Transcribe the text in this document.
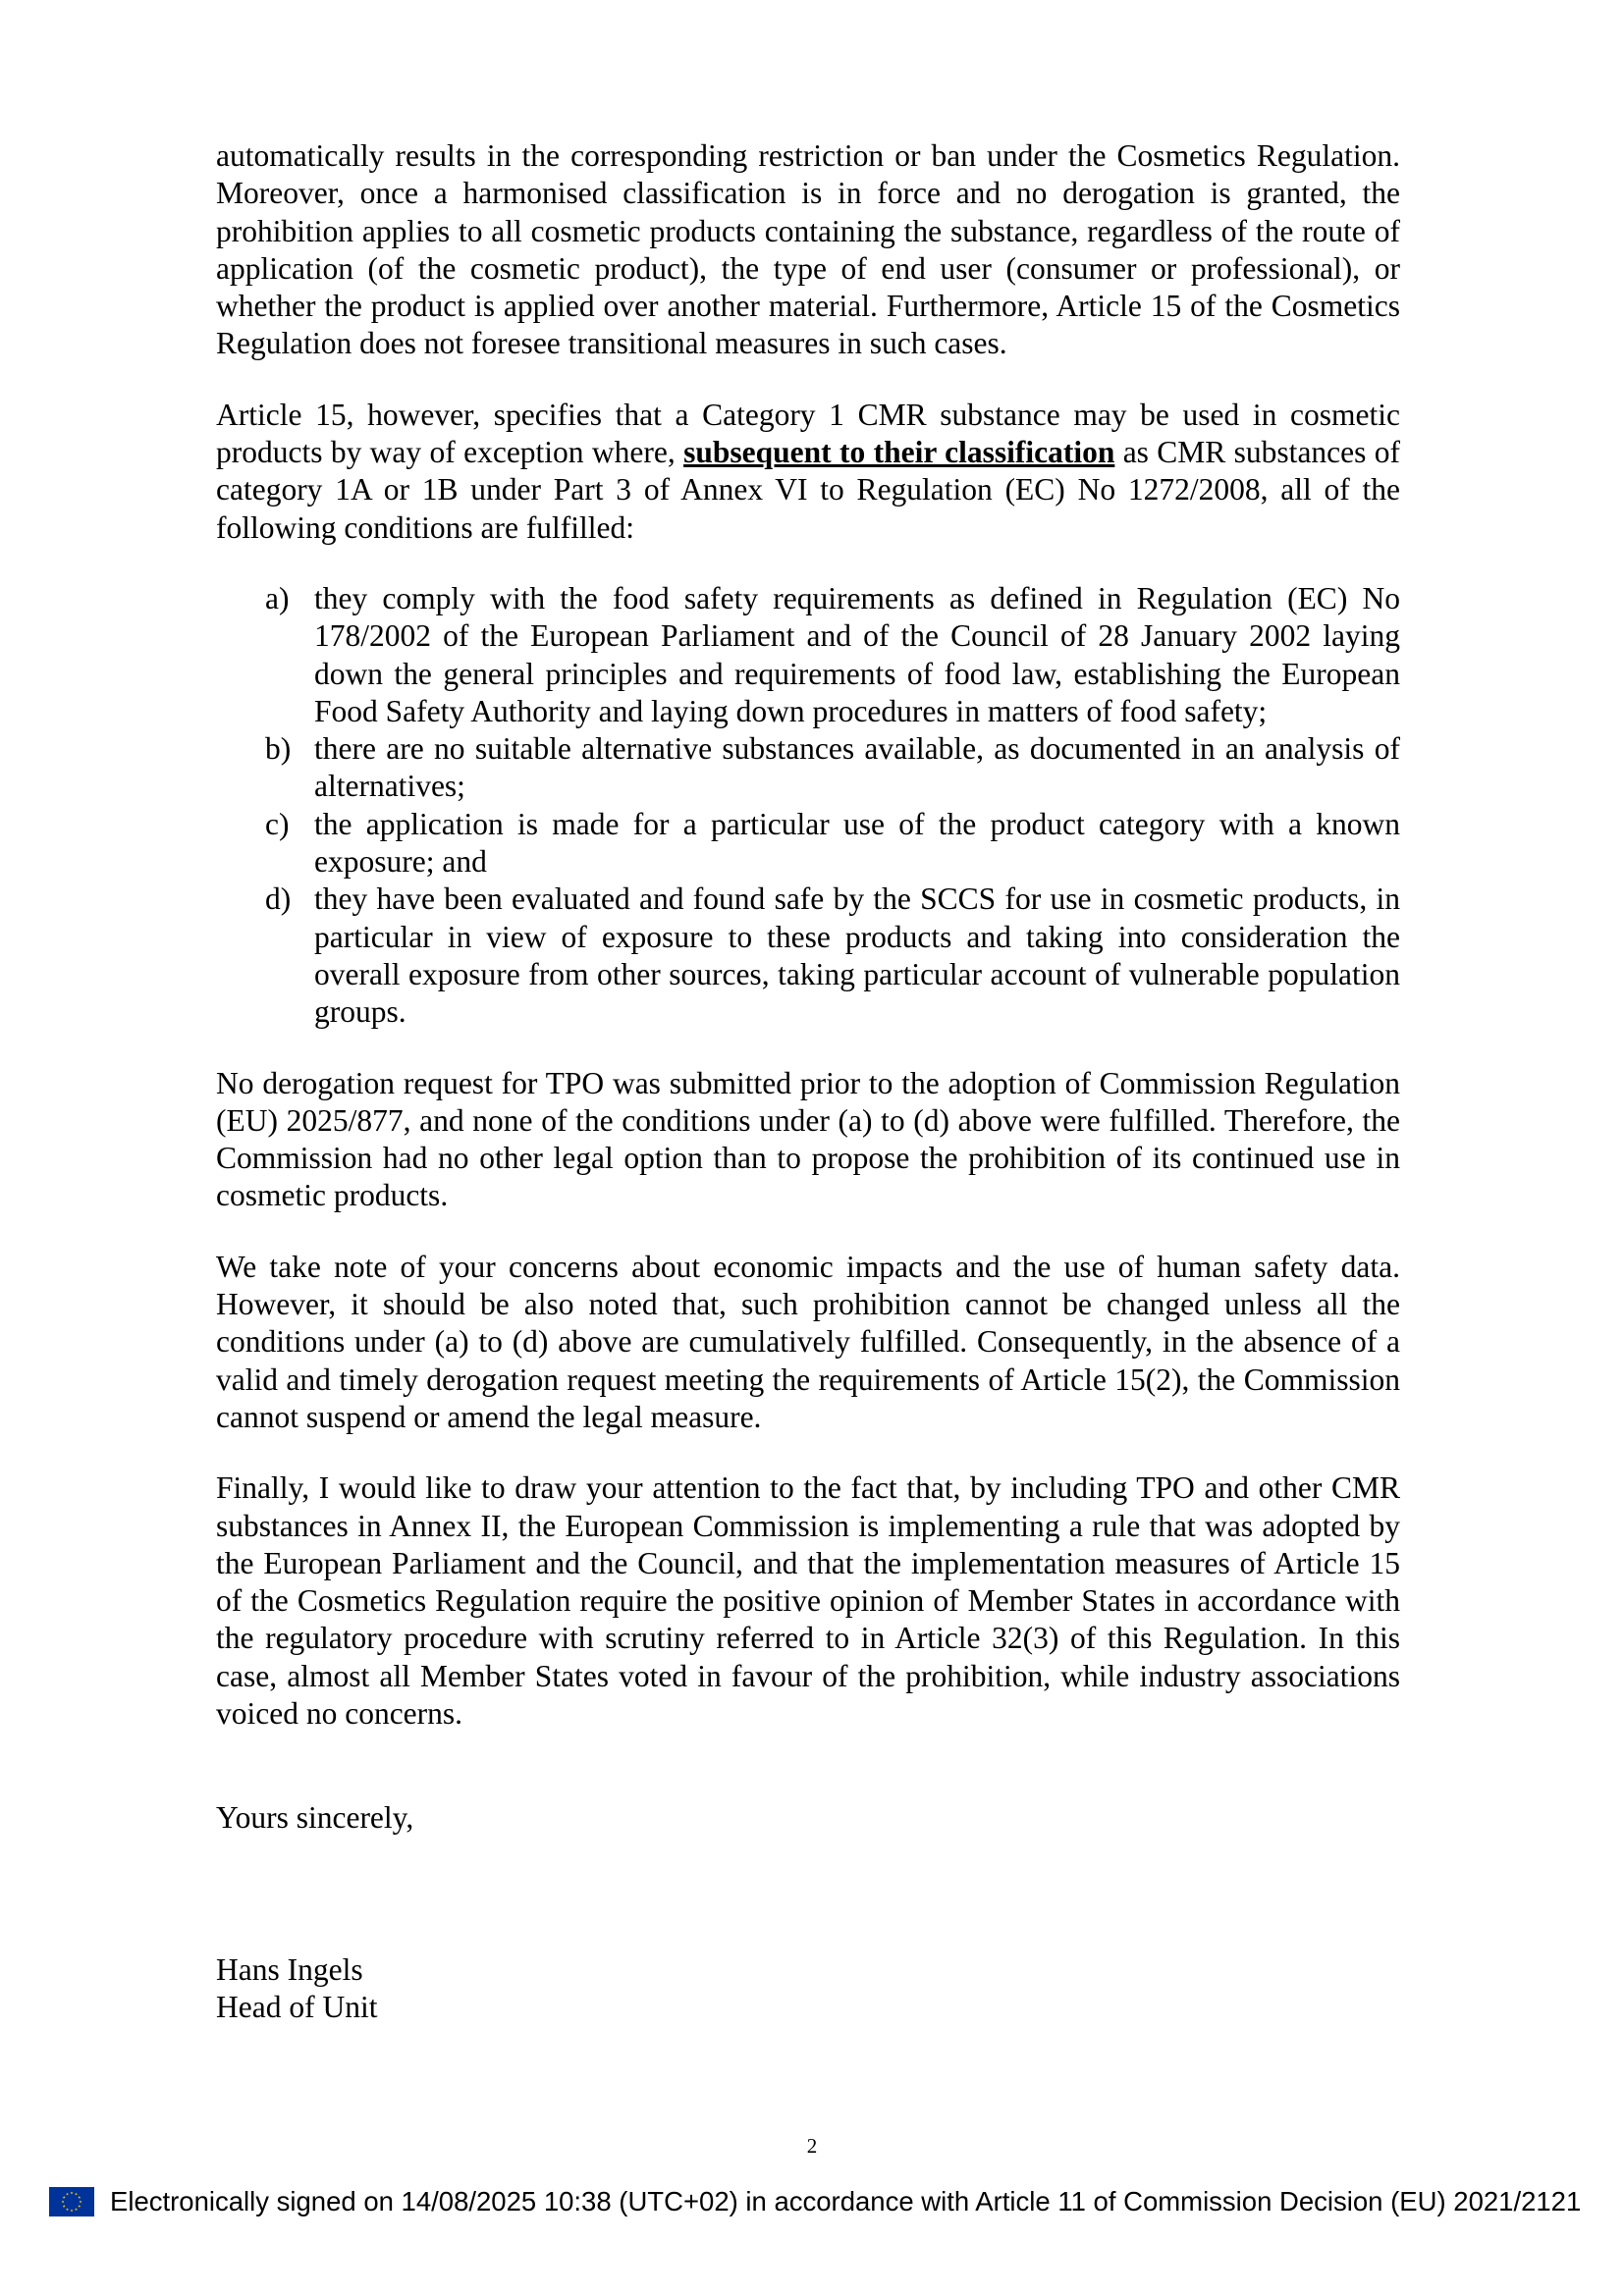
automatically results in the corresponding restriction or ban under the Cosmetics Regulation. Moreover, once a harmonised classification is in force and no derogation is granted, the prohibition applies to all cosmetic products containing the substance, regardless of the route of application (of the cosmetic product), the type of end user (consumer or professional), or whether the product is applied over another material. Furthermore, Article 15 of the Cosmetics Regulation does not foresee transitional measures in such cases.

Article 15, however, specifies that a Category 1 CMR substance may be used in cosmetic products by way of exception where, subsequent to their classification as CMR substances of category 1A or 1B under Part 3 of Annex VI to Regulation (EC) No 1272/2008, all of the following conditions are fulfilled:

a) they comply with the food safety requirements as defined in Regulation (EC) No 178/2002 of the European Parliament and of the Council of 28 January 2002 laying down the general principles and requirements of food law, establishing the European Food Safety Authority and laying down procedures in matters of food safety;
b) there are no suitable alternative substances available, as documented in an analysis of alternatives;
c) the application is made for a particular use of the product category with a known exposure; and
d) they have been evaluated and found safe by the SCCS for use in cosmetic products, in particular in view of exposure to these products and taking into consideration the overall exposure from other sources, taking particular account of vulnerable population groups.

No derogation request for TPO was submitted prior to the adoption of Commission Regulation (EU) 2025/877, and none of the conditions under (a) to (d) above were fulfilled. Therefore, the Commission had no other legal option than to propose the prohibition of its continued use in cosmetic products.

We take note of your concerns about economic impacts and the use of human safety data. However, it should be also noted that, such prohibition cannot be changed unless all the conditions under (a) to (d) above are cumulatively fulfilled. Consequently, in the absence of a valid and timely derogation request meeting the requirements of Article 15(2), the Commission cannot suspend or amend the legal measure.

Finally, I would like to draw your attention to the fact that, by including TPO and other CMR substances in Annex II, the European Commission is implementing a rule that was adopted by the European Parliament and the Council, and that the implementation measures of Article 15 of the Cosmetics Regulation require the positive opinion of Member States in accordance with the regulatory procedure with scrutiny referred to in Article 32(3) of this Regulation. In this case, almost all Member States voted in favour of the prohibition, while industry associations voiced no concerns.

Yours sincerely,

Hans Ingels
Head of Unit
2
Electronically signed on 14/08/2025 10:38 (UTC+02) in accordance with Article 11 of Commission Decision (EU) 2021/2121
